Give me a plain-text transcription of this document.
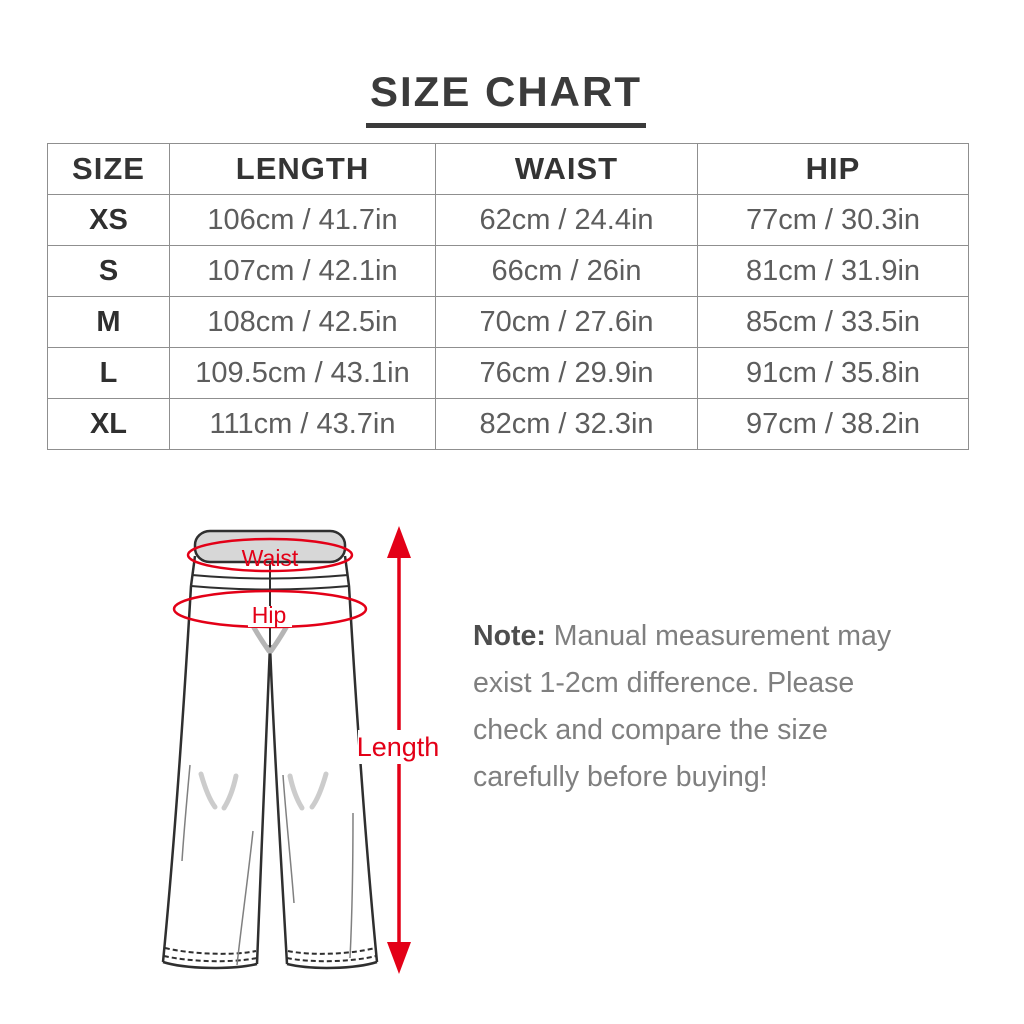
SIZE CHART
SIZE	LENGTH	WAIST	HIP
XS	106cm / 41.7in	62cm / 24.4in	77cm / 30.3in
S	107cm / 42.1in	66cm / 26in	81cm / 31.9in
M	108cm / 42.5in	70cm / 27.6in	85cm / 33.5in
L	109.5cm / 43.1in	76cm / 29.9in	91cm / 35.8in
XL	111cm / 43.7in	82cm / 32.3in	97cm / 38.2in
Waist
Hip
Length

Note: Manual measurement may
exist 1-2cm difference. Please
check and compare the size
carefully before buying!
